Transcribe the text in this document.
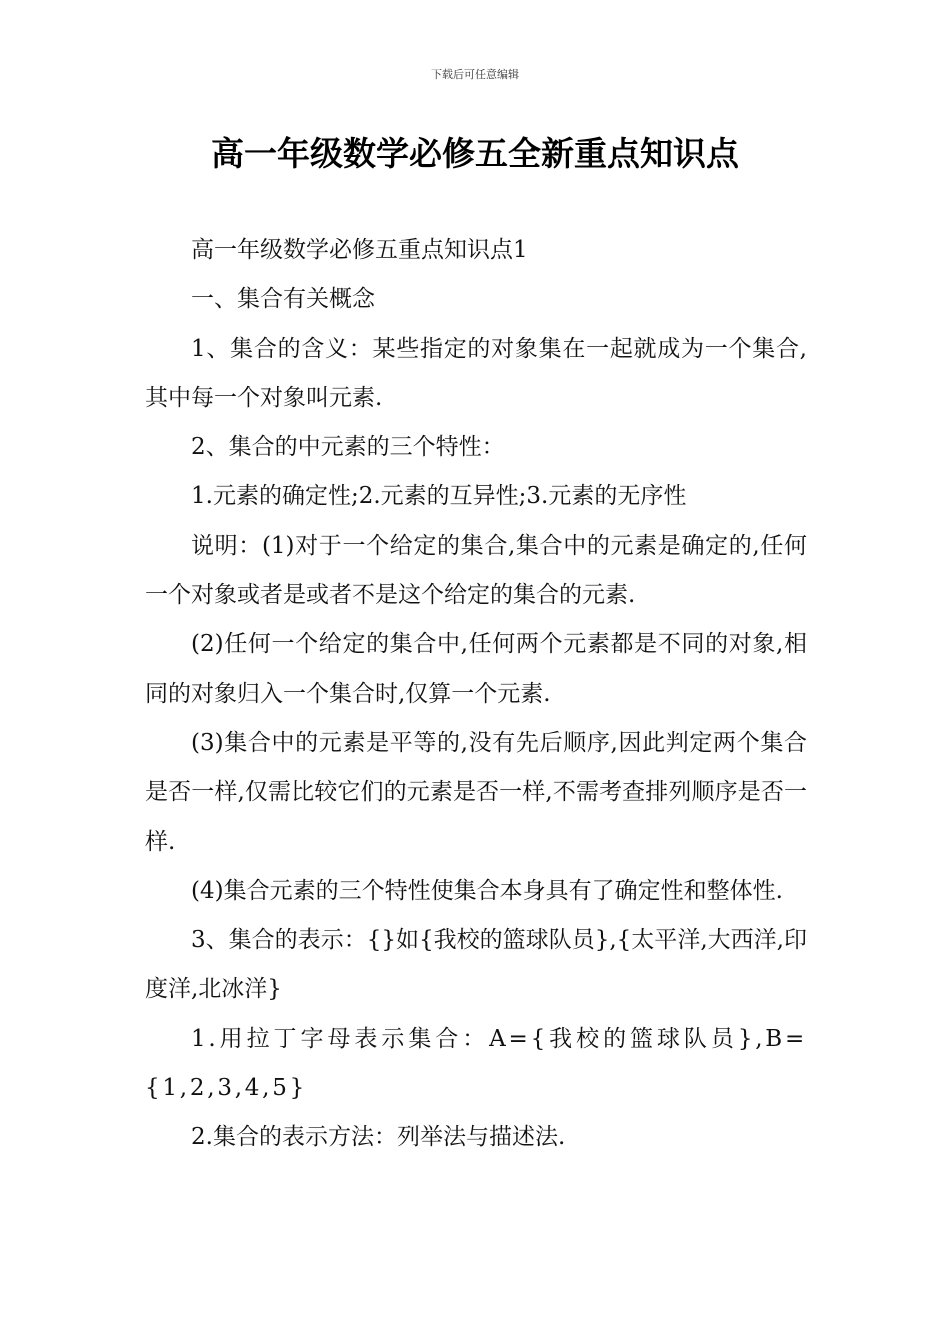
下载后可任意编辑
高一年级数学必修五全新重点知识点

高一年级数学必修五重点知识点1

一、集合有关概念

1、集合的含义：某些指定的对象集在一起就成为一个集合,其中每一个对象叫元素.

2、集合的中元素的三个特性：

1.元素的确定性;2.元素的互异性;3.元素的无序性

说明：(1)对于一个给定的集合,集合中的元素是确定的,任何一个对象或者是或者不是这个给定的集合的元素.

(2)任何一个给定的集合中,任何两个元素都是不同的对象,相同的对象归入一个集合时,仅算一个元素.

(3)集合中的元素是平等的,没有先后顺序,因此判定两个集合是否一样,仅需比较它们的元素是否一样,不需考查排列顺序是否一样.

(4)集合元素的三个特性使集合本身具有了确定性和整体性.

3、集合的表示：{}如{我校的篮球队员},{太平洋,大西洋,印度洋,北冰洋}

1.用拉丁字母表示集合：A={我校的篮球队员},B={1,2,3,4,5}

2.集合的表示方法：列举法与描述法.
